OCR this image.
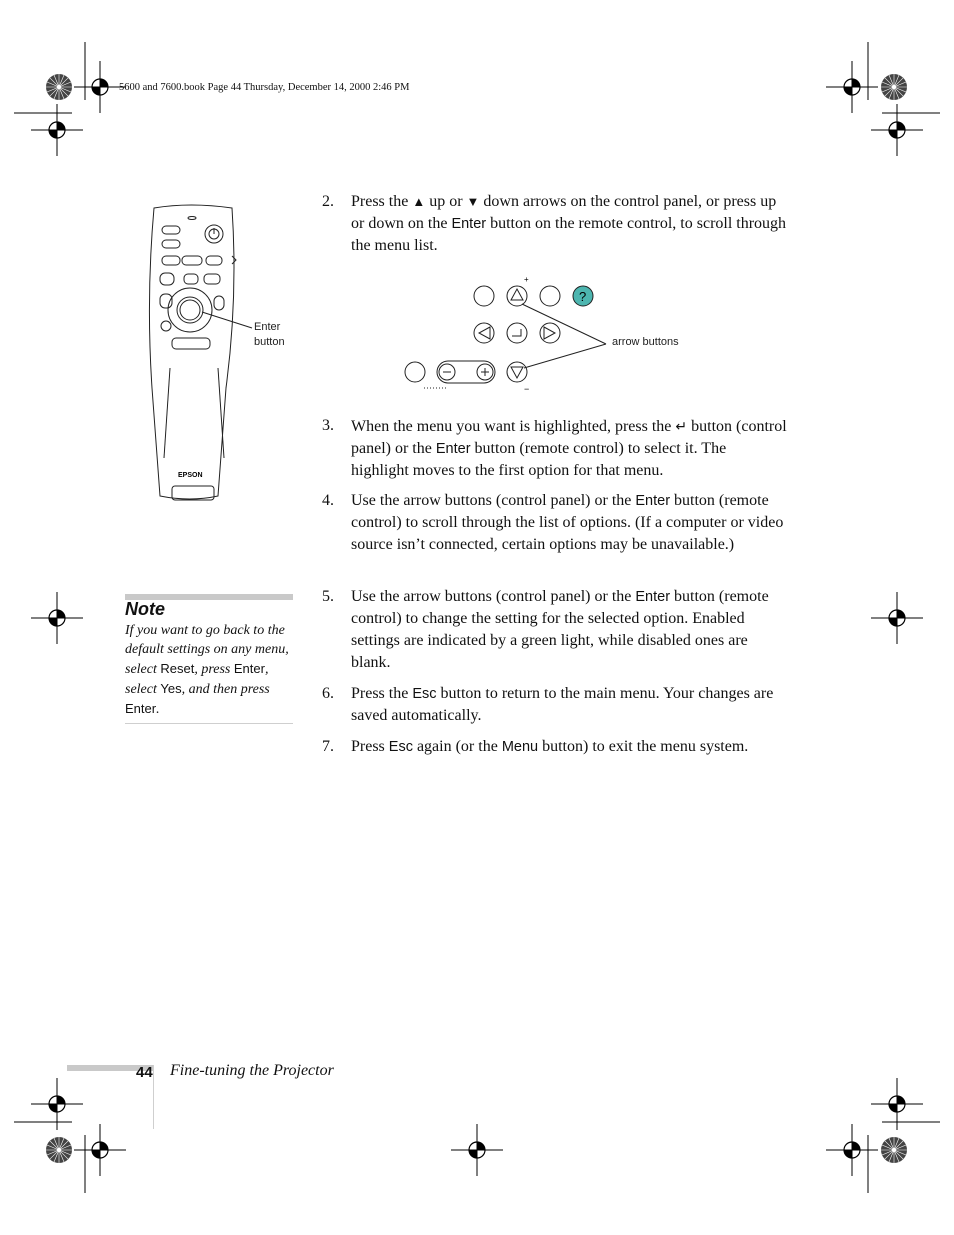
5600 and 7600.book Page 44 Thursday, December 14, 2000 2:46 PM
EPSON
Enter
button
2. Press the ▲ up or ▼ down arrows on the control panel, or press up or down on the Enter button on the remote control, to scroll through the menu list.
?
+
−
arrow buttons
3. When the menu you want is highlighted, press the ↵ button (control panel) or the Enter button (remote control) to select it. The highlight moves to the first option for that menu.
4. Use the arrow buttons (control panel) or the Enter button (remote control) to scroll through the list of options. (If a computer or video source isn’t connected, certain options may be unavailable.)
5. Use the arrow buttons (control panel) or the Enter button (remote control) to change the setting for the selected option. Enabled settings are indicated by a green light, while disabled ones are blank.
6. Press the Esc button to return to the main menu. Your changes are saved automatically.
7. Press Esc again (or the Menu button) to exit the menu system.
Note
If you want to go back to the default settings on any menu, select Reset, press Enter, select Yes, and then press Enter.
44 Fine-tuning the Projector
